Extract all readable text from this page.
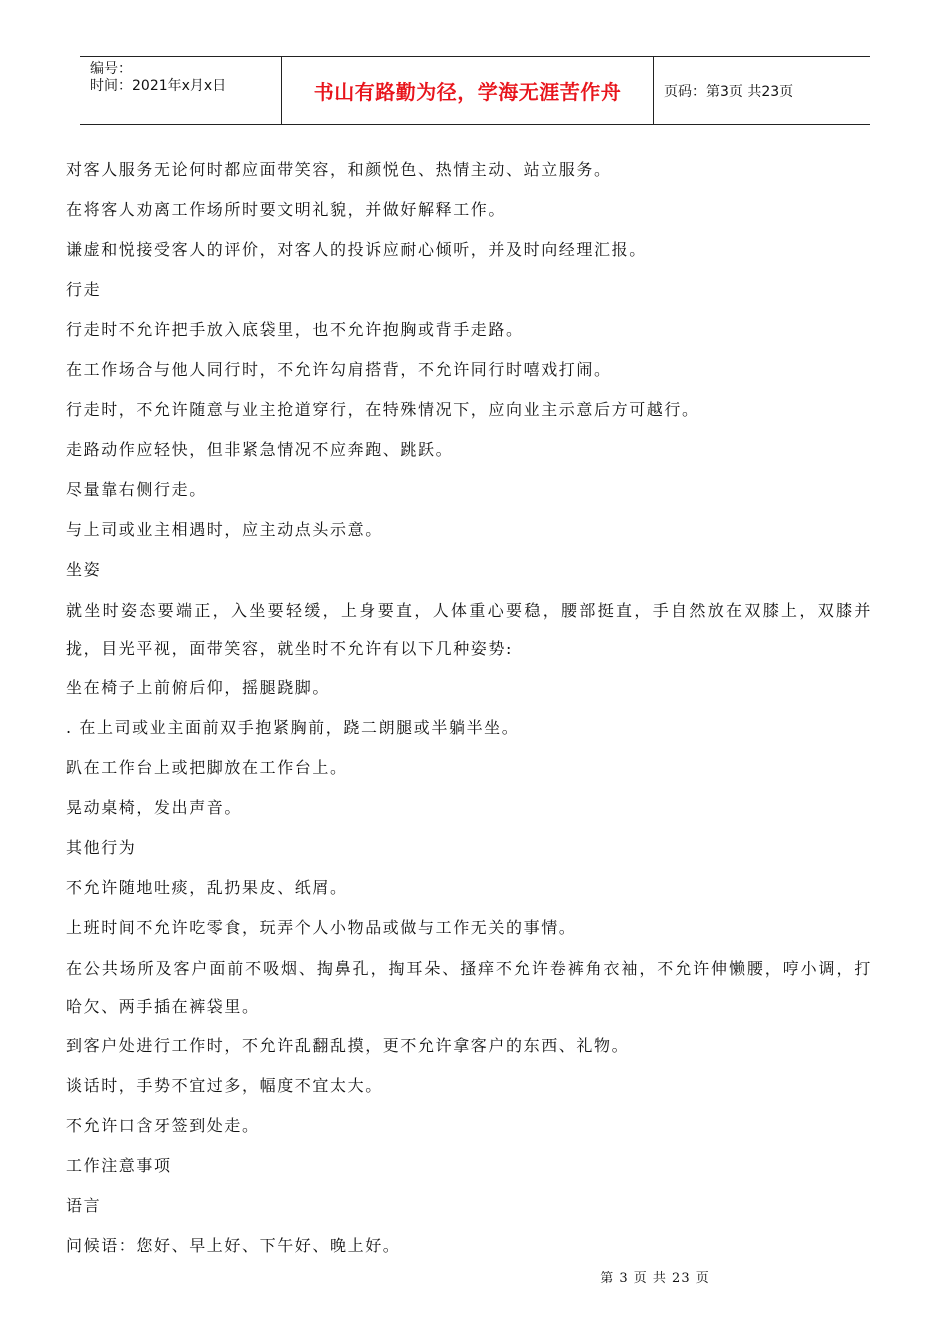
编号：
时间：2021年x月x日	书山有路勤为径，学海无涯苦作舟	页码：第3页 共23页

对客人服务无论何时都应面带笑容，和颜悦色、热情主动、站立服务。

在将客人劝离工作场所时要文明礼貌，并做好解释工作。

谦虚和悦接受客人的评价，对客人的投诉应耐心倾听，并及时向经理汇报。

行走

行走时不允许把手放入底袋里，也不允许抱胸或背手走路。

在工作场合与他人同行时，不允许勾肩搭背，不允许同行时嘻戏打闹。

行走时，不允许随意与业主抢道穿行，在特殊情况下，应向业主示意后方可越行。

走路动作应轻快，但非紧急情况不应奔跑、跳跃。

尽量靠右侧行走。

与上司或业主相遇时，应主动点头示意。

坐姿

就坐时姿态要端正，入坐要轻缓，上身要直，人体重心要稳，腰部挺直，手自然放在双膝上，双膝并拢，目光平视，面带笑容，就坐时不允许有以下几种姿势:

坐在椅子上前俯后仰，摇腿跷脚。

. 在上司或业主面前双手抱紧胸前，跷二朗腿或半躺半坐。

趴在工作台上或把脚放在工作台上。

晃动桌椅，发出声音。

其他行为

不允许随地吐痰，乱扔果皮、纸屑。

上班时间不允许吃零食，玩弄个人小物品或做与工作无关的事情。

在公共场所及客户面前不吸烟、掏鼻孔，掏耳朵、搔痒不允许卷裤角衣袖，不允许伸懒腰，哼小调，打哈欠、两手插在裤袋里。

到客户处进行工作时，不允许乱翻乱摸，更不允许拿客户的东西、礼物。

谈话时，手势不宜过多，幅度不宜太大。

不允许口含牙签到处走。

工作注意事项

语言

问候语：您好、早上好、下午好、晚上好。

第 3 页 共 23 页
